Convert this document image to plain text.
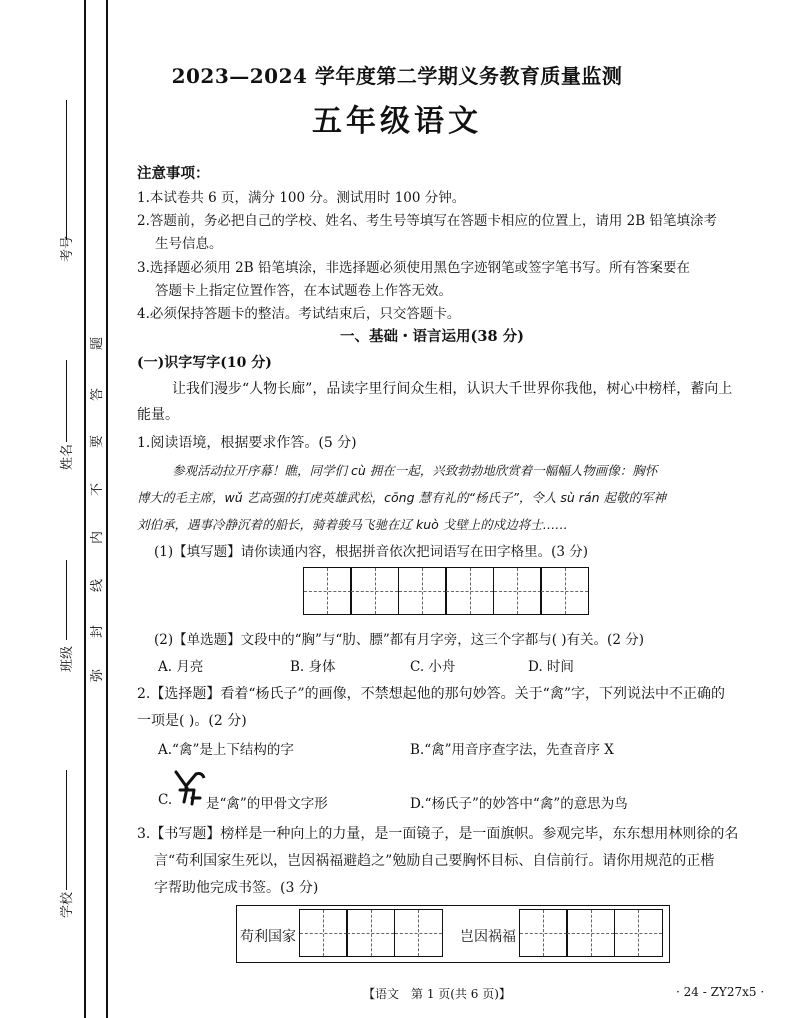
考号
姓名
班级
学校
题
答
要
不
内
线
封
弥
2023—2024 学年度第二学期义务教育质量监测
五年级语文
注意事项：
1.本试卷共 6 页，满分 100 分。测试用时 100 分钟。
2.答题前，务必把自己的学校、姓名、考生号等填写在答题卡相应的位置上，请用 2B 铅笔填涂考
生号信息。
3.选择题必须用 2B 铅笔填涂，非选择题必须使用黑色字迹钢笔或签字笔书写。所有答案要在
答题卡上指定位置作答，在本试题卷上作答无效。
4.必须保持答题卡的整洁。考试结束后，只交答题卡。
一、基础・语言运用(38 分)
(一)识字写字(10 分)
让我们漫步“人物长廊”，品读字里行间众生相，认识大千世界你我他，树心中榜样，蓄向上
能量。
1.阅读语境，根据要求作答。(5 分)
参观活动拉开序幕！瞧，同学们 cù 拥在一起，兴致勃勃地欣赏着一幅幅人物画像：胸怀
博大的毛主席，wǔ 艺高强的打虎英雄武松，cōng 慧有礼的“杨氏子”，令人 sù rán 起敬的军神
刘伯承，遇事冷静沉着的船长，骑着骏马飞驰在辽 kuò 戈壁上的戍边将士……
(1)【填写题】请你读通内容，根据拼音依次把词语写在田字格里。(3 分)
(2)【单选题】文段中的“胸”与“肋、膘”都有月字旁，这三个字都与( )有关。(2 分)
A. 月亮	B. 身体	C. 小舟	D. 时间
2.【选择题】看着“杨氏子”的画像，不禁想起他的那句妙答。关于“禽”字，下列说法中不正确的
一项是( )。(2 分)
A.“禽”是上下结构的字	B.“禽”用音序查字法，先查音序 X
C.	是“禽”的甲骨文字形	D.“杨氏子”的妙答中“禽”的意思为鸟
3.【书写题】榜样是一种向上的力量，是一面镜子，是一面旗帜。参观完毕，东东想用林则徐的名
言“苟利国家生死以，岂因祸福避趋之”勉励自己要胸怀目标、自信前行。请你用规范的正楷
字帮助他完成书签。(3 分)
苟利国家	岂因祸福
【语文　第 1 页(共 6 页)】	· 24 - ZY27x5 ·
